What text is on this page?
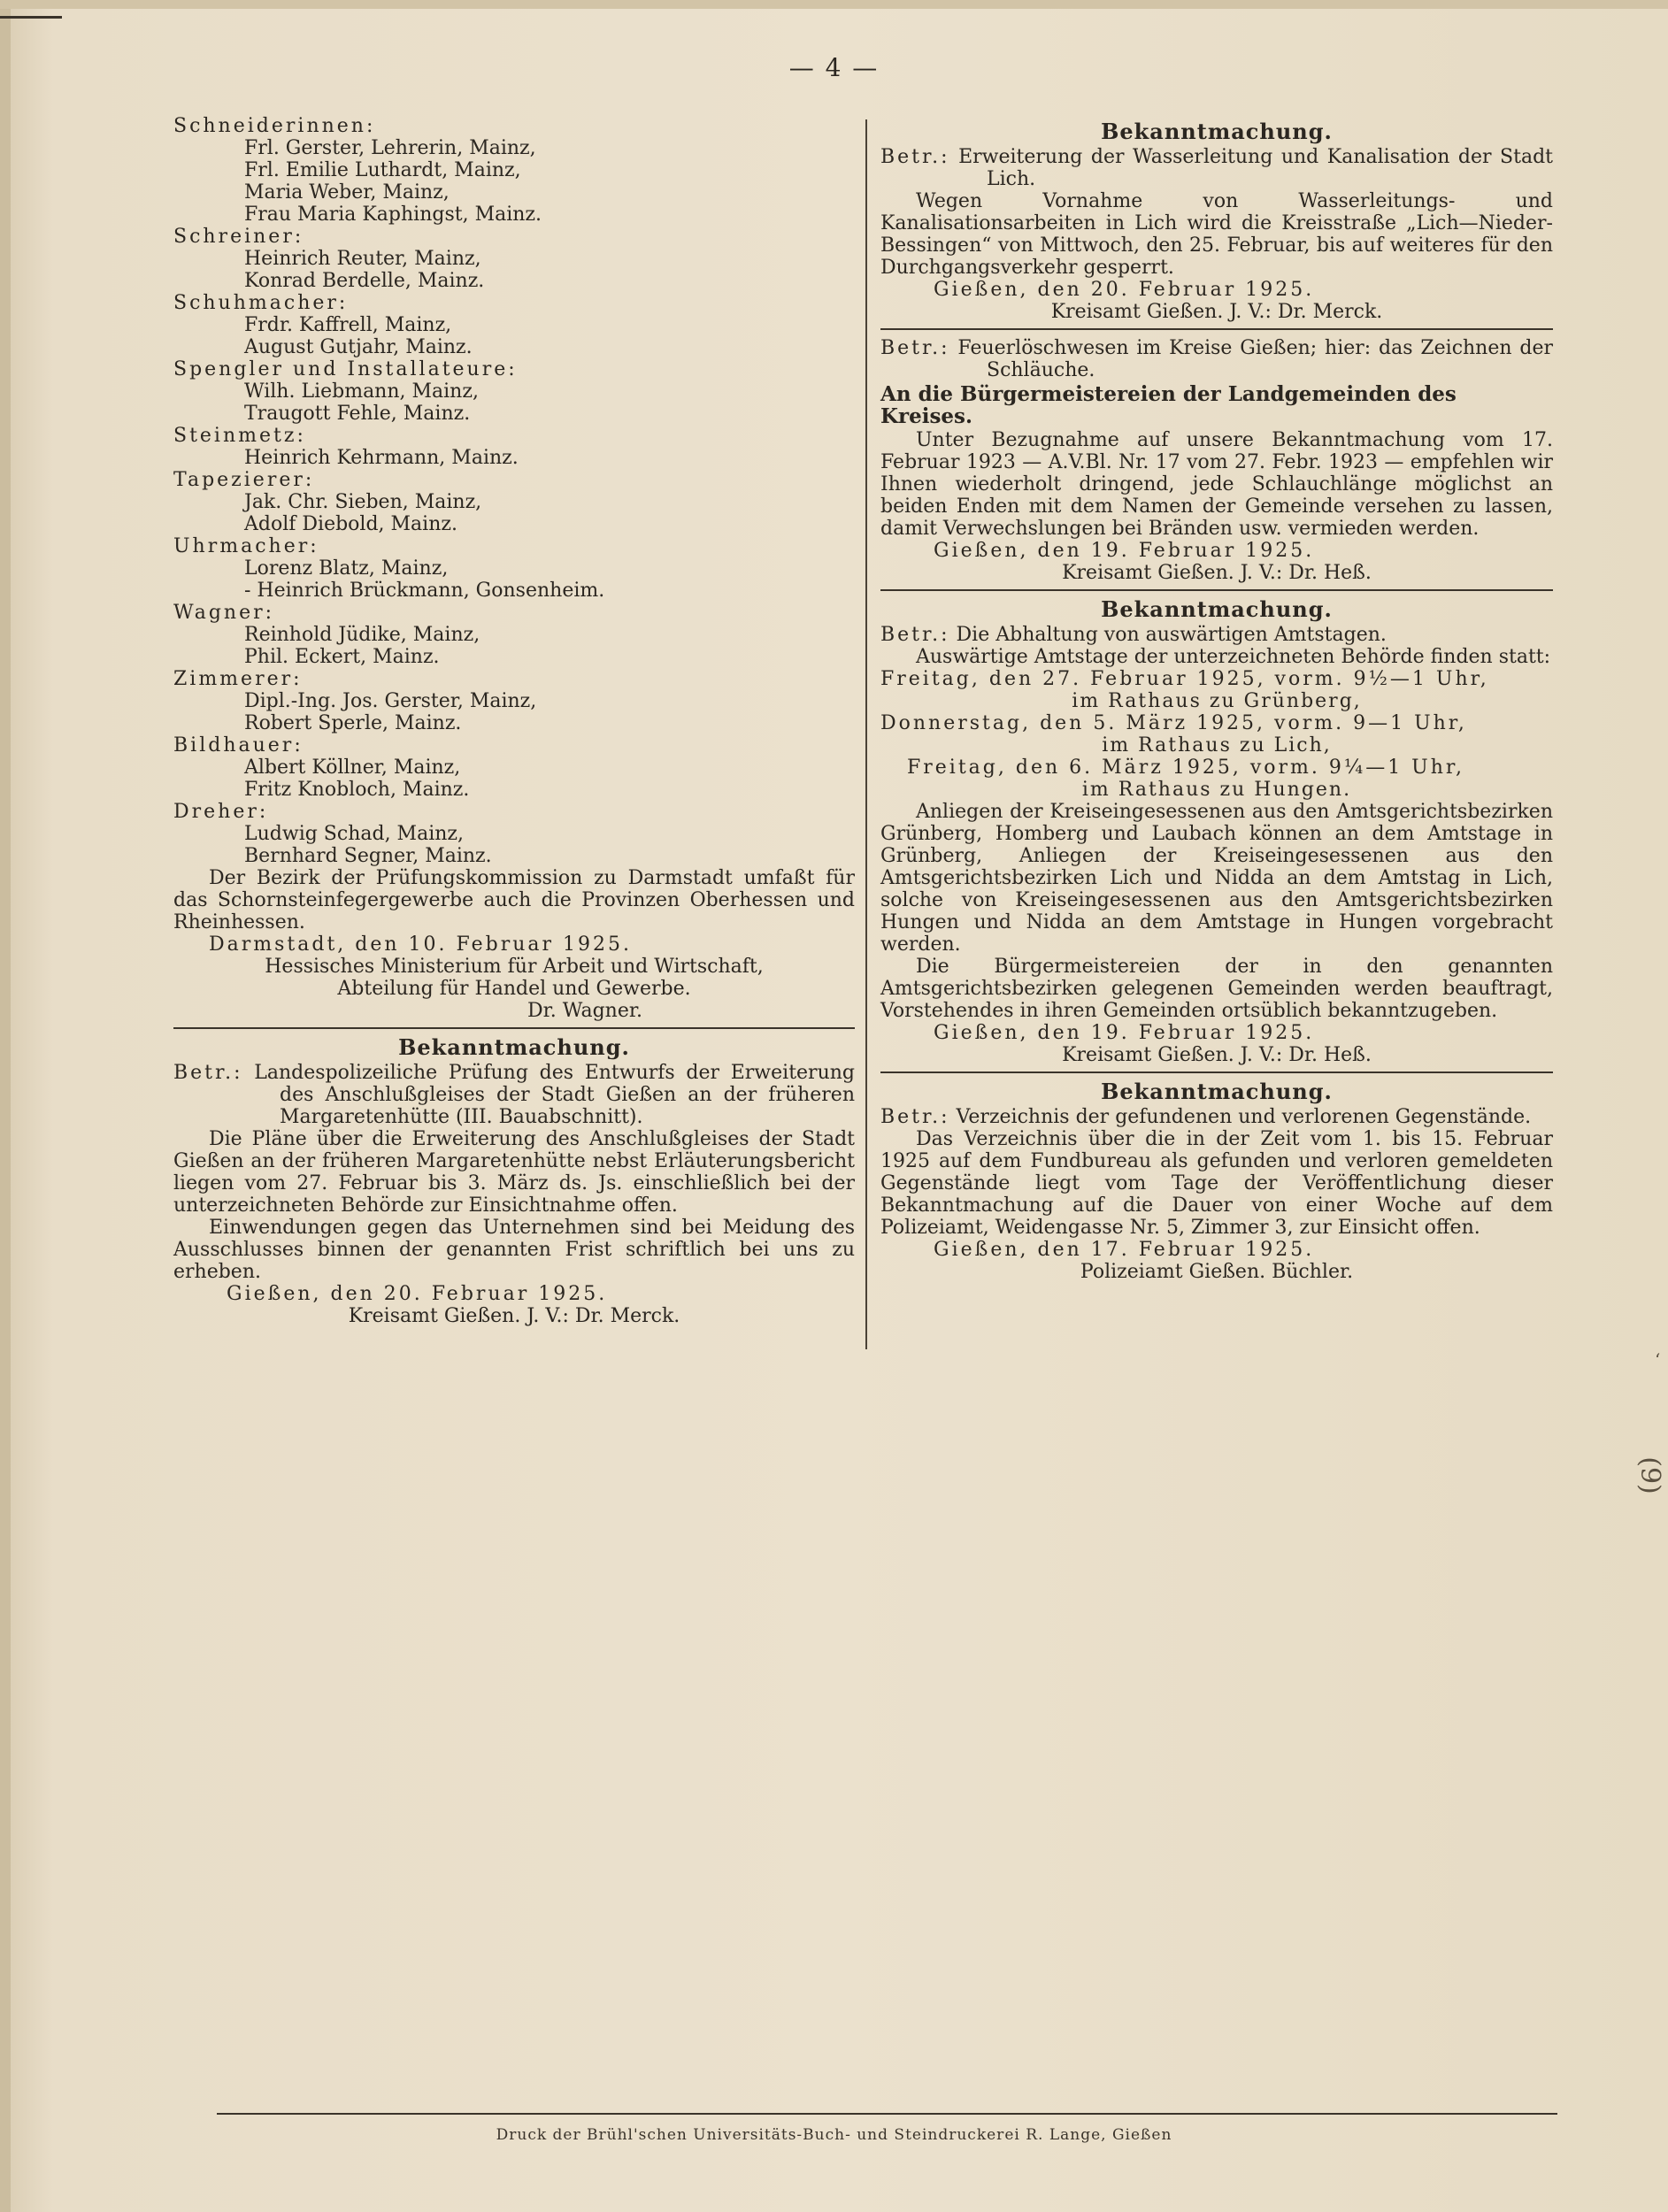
— 4 —

Schneiderinnen:

Frl. Gerster, Lehrerin, Mainz,
Frl. Emilie Luthardt, Mainz,
Maria Weber, Mainz,
Frau Maria Kaphingst, Mainz.

Schreiner:

Heinrich Reuter, Mainz,
Konrad Berdelle, Mainz.

Schuhmacher:

Frdr. Kaffrell, Mainz,
August Gutjahr, Mainz.

Spengler und Installateure:

Wilh. Liebmann, Mainz,
Traugott Fehle, Mainz.

Steinmetz:

Heinrich Kehrmann, Mainz.

Tapezierer:

Jak. Chr. Sieben, Mainz,
Adolf Diebold, Mainz.

Uhrmacher:

Lorenz Blatz, Mainz,
- Heinrich Brückmann, Gonsenheim.

Wagner:

Reinhold Jüdike, Mainz,
Phil. Eckert, Mainz.

Zimmerer:

Dipl.-Ing. Jos. Gerster, Mainz,
Robert Sperle, Mainz.

Bildhauer:

Albert Köllner, Mainz,
Fritz Knobloch, Mainz.

Dreher:

Ludwig Schad, Mainz,
Bernhard Segner, Mainz.

Der Bezirk der Prüfungskommission zu Darmstadt umfaßt für das Schornsteinfegergewerbe auch die Provinzen Oberhessen und Rheinhessen.

Darmstadt, den 10. Februar 1925.

Hessisches Ministerium für Arbeit und Wirtschaft,

Abteilung für Handel und Gewerbe.

Dr. Wagner.

Bekanntmachung.

Betr.: Landespolizeiliche Prüfung des Entwurfs der Erweiterung des Anschlußgleises der Stadt Gießen an der früheren Margaretenhütte (III. Bauabschnitt).

Die Pläne über die Erweiterung des Anschlußgleises der Stadt Gießen an der früheren Margaretenhütte nebst Erläuterungsbericht liegen vom 27. Februar bis 3. März ds. Js. einschließlich bei der unterzeichneten Behörde zur Einsichtnahme offen.

Einwendungen gegen das Unternehmen sind bei Meidung des Ausschlusses binnen der genannten Frist schriftlich bei uns zu erheben.

Gießen, den 20. Februar 1925.

Kreisamt Gießen. J. V.: Dr. Merck.

Bekanntmachung.

Betr.: Erweiterung der Wasserleitung und Kanalisation der Stadt Lich.

Wegen Vornahme von Wasserleitungs- und Kanalisationsarbeiten in Lich wird die Kreisstraße „Lich—Nieder-Bessingen“ von Mittwoch, den 25. Februar, bis auf weiteres für den Durchgangsverkehr gesperrt.

Gießen, den 20. Februar 1925.

Kreisamt Gießen. J. V.: Dr. Merck.

Betr.: Feuerlöschwesen im Kreise Gießen; hier: das Zeichnen der Schläuche.

An die Bürgermeistereien der Landgemeinden des Kreises.

Unter Bezugnahme auf unsere Bekanntmachung vom 17. Februar 1923 — A.V.Bl. Nr. 17 vom 27. Febr. 1923 — empfehlen wir Ihnen wiederholt dringend, jede Schlauchlänge möglichst an beiden Enden mit dem Namen der Gemeinde versehen zu lassen, damit Verwechslungen bei Bränden usw. vermieden werden.

Gießen, den 19. Februar 1925.

Kreisamt Gießen. J. V.: Dr. Heß.

Bekanntmachung.

Betr.: Die Abhaltung von auswärtigen Amtstagen.

Auswärtige Amtstage der unterzeichneten Behörde finden statt:

Freitag, den 27. Februar 1925, vorm. 9½—1 Uhr,
im Rathaus zu Grünberg,
Donnerstag, den 5. März 1925, vorm. 9—1 Uhr,
im Rathaus zu Lich,
Freitag, den 6. März 1925, vorm. 9¼—1 Uhr,
im Rathaus zu Hungen.

Anliegen der Kreiseingesessenen aus den Amtsgerichtsbezirken Grünberg, Homberg und Laubach können an dem Amtstage in Grünberg, Anliegen der Kreiseingesessenen aus den Amtsgerichtsbezirken Lich und Nidda an dem Amtstag in Lich, solche von Kreiseingesessenen aus den Amtsgerichtsbezirken Hungen und Nidda an dem Amtstage in Hungen vorgebracht werden.

Die Bürgermeistereien der in den genannten Amtsgerichtsbezirken gelegenen Gemeinden werden beauftragt, Vorstehendes in ihren Gemeinden ortsüblich bekanntzugeben.

Gießen, den 19. Februar 1925.

Kreisamt Gießen. J. V.: Dr. Heß.

Bekanntmachung.

Betr.: Verzeichnis der gefundenen und verlorenen Gegenstände.

Das Verzeichnis über die in der Zeit vom 1. bis 15. Februar 1925 auf dem Fundbureau als gefunden und verloren gemeldeten Gegenstände liegt vom Tage der Veröffentlichung dieser Bekanntmachung auf die Dauer von einer Woche auf dem Polizeiamt, Weidengasse Nr. 5, Zimmer 3, zur Einsicht offen.

Gießen, den 17. Februar 1925.

Polizeiamt Gießen. Büchler.

ʻ
(9)
Druck der Brühl'schen Universitäts-Buch- und Steindruckerei R. Lange, Gießen
